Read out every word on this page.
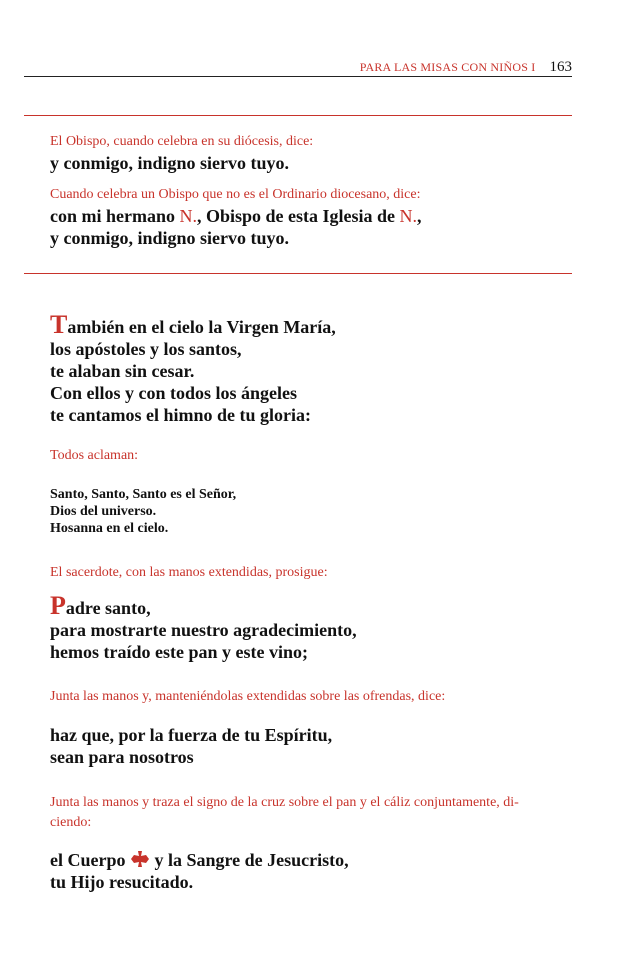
PARA LAS MISAS CON NIÑOS I 163

El Obispo, cuando celebra en su diócesis, dice:

y conmigo, indigno siervo tuyo.

Cuando celebra un Obispo que no es el Ordinario diocesano, dice:

con mi hermano N., Obispo de esta Iglesia de N.,

y conmigo, indigno siervo tuyo.

También en el cielo la Virgen María,

los apóstoles y los santos,

te alaban sin cesar.

Con ellos y con todos los ángeles

te cantamos el himno de tu gloria:

Todos aclaman:

Santo, Santo, Santo es el Señor,

Dios del universo.

Hosanna en el cielo.

El sacerdote, con las manos extendidas, prosigue:

Padre santo,

para mostrarte nuestro agradecimiento,

hemos traído este pan y este vino;

Junta las manos y, manteniéndolas extendidas sobre las ofrendas, dice:

haz que, por la fuerza de tu Espíritu,

sean para nosotros

Junta las manos y traza el signo de la cruz sobre el pan y el cáliz conjuntamente, di-

ciendo:

el Cuerpo  y la Sangre de Jesucristo,

tu Hijo resucitado.
